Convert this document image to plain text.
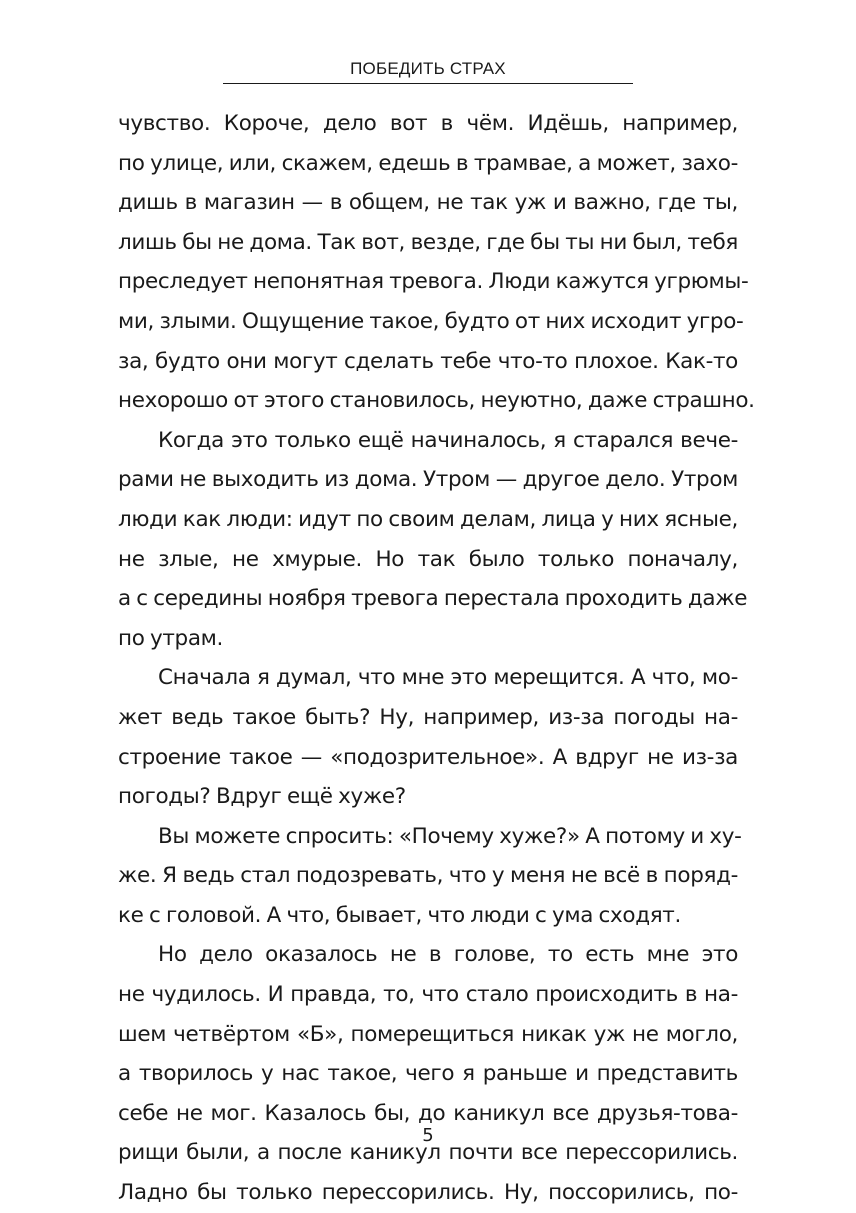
ПОБЕДИТЬ СТРАХ

чувство. Короче, дело вот в чём. Идёшь, например,
по улице, или, скажем, едешь в трамвае, а может, захо-
дишь в магазин — в общем, не так уж и важно, где ты,
лишь бы не дома. Так вот, везде, где бы ты ни был, тебя
преследует непонятная тревога. Люди кажутся угрюмы-
ми, злыми. Ощущение такое, будто от них исходит угро-
за, будто они могут сделать тебе что-то плохое. Как-то
нехорошо от этого становилось, неуютно, даже страшно.

Когда это только ещё начиналось, я старался вече-
рами не выходить из дома. Утром — другое дело. Утром
люди как люди: идут по своим делам, лица у них ясные,
не злые, не хмурые. Но так было только поначалу,
а с середины ноября тревога перестала проходить даже
по утрам.

Сначала я думал, что мне это мерещится. А что, мо-
жет ведь такое быть? Ну, например, из-за погоды на-
строение такое — «подозрительное». А вдруг не из-за
погоды? Вдруг ещё хуже?

Вы можете спросить: «Почему хуже?» А потому и ху-
же. Я ведь стал подозревать, что у меня не всё в поряд-
ке с головой. А что, бывает, что люди с ума сходят.

Но дело оказалось не в голове, то есть мне это
не чудилось. И правда, то, что стало происходить в на-
шем четвёртом «Б», померещиться никак уж не могло,
а творилось у нас такое, чего я раньше и представить
себе не мог. Казалось бы, до каникул все друзья-това-
рищи были, а после каникул почти все перессорились.
Ладно бы только перессорились. Ну, поссорились, по-

5
